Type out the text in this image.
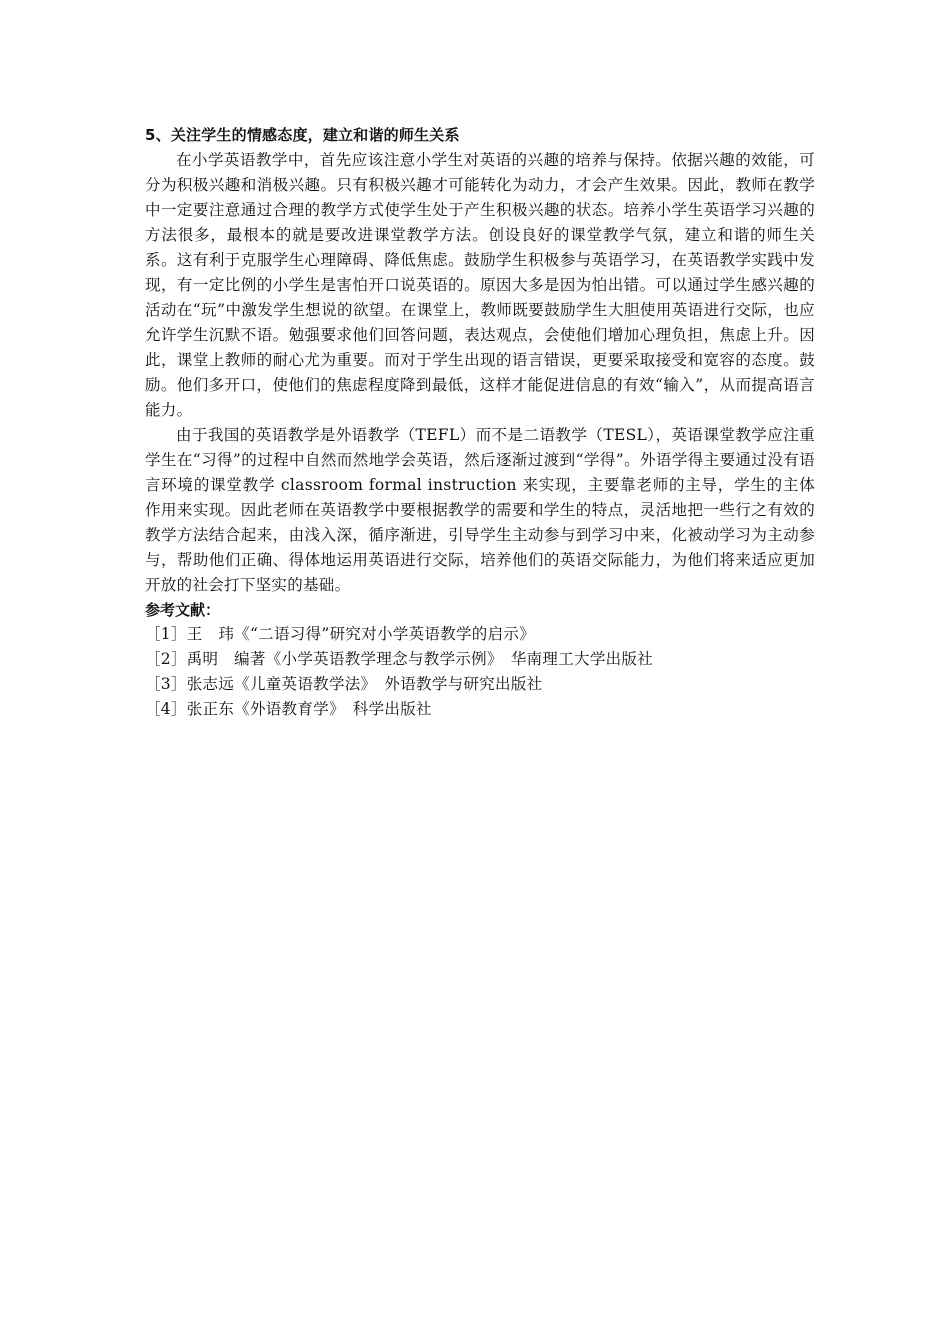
5、关注学生的情感态度，建立和谐的师生关系

在小学英语教学中，首先应该注意小学生对英语的兴趣的培养与保持。依据兴趣的效能，可分为积极兴趣和消极兴趣。只有积极兴趣才可能转化为动力，才会产生效果。因此，教师在教学中一定要注意通过合理的教学方式使学生处于产生积极兴趣的状态。培养小学生英语学习兴趣的方法很多，最根本的就是要改进课堂教学方法。创设良好的课堂教学气氛，建立和谐的师生关系。这有利于克服学生心理障碍、降低焦虑。鼓励学生积极参与英语学习，在英语教学实践中发现，有一定比例的小学生是害怕开口说英语的。原因大多是因为怕出错。可以通过学生感兴趣的活动在“玩”中激发学生想说的欲望。在课堂上，教师既要鼓励学生大胆使用英语进行交际，也应允许学生沉默不语。勉强要求他们回答问题，表达观点，会使他们增加心理负担，焦虑上升。因此，课堂上教师的耐心尤为重要。而对于学生出现的语言错误，更要采取接受和宽容的态度。鼓励。他们多开口，使他们的焦虑程度降到最低，这样才能促进信息的有效“输入”，从而提高语言能力。

由于我国的英语教学是外语教学（TEFL）而不是二语教学（TESL），英语课堂教学应注重学生在“习得”的过程中自然而然地学会英语，然后逐渐过渡到“学得”。外语学得主要通过没有语言环境的课堂教学 classroom formal instruction 来实现，主要靠老师的主导，学生的主体作用来实现。因此老师在英语教学中要根据教学的需要和学生的特点，灵活地把一些行之有效的教学方法结合起来，由浅入深，循序渐进，引导学生主动参与到学习中来，化被动学习为主动参与，帮助他们正确、得体地运用英语进行交际，培养他们的英语交际能力，为他们将来适应更加开放的社会打下坚实的基础。

参考文献：
［1］王　玮《“二语习得”研究对小学英语教学的启示》
［2］禹明　编著《小学英语教学理念与教学示例》　华南理工大学出版社
［3］张志远《儿童英语教学法》　外语教学与研究出版社
［4］张正东《外语教育学》　科学出版社
